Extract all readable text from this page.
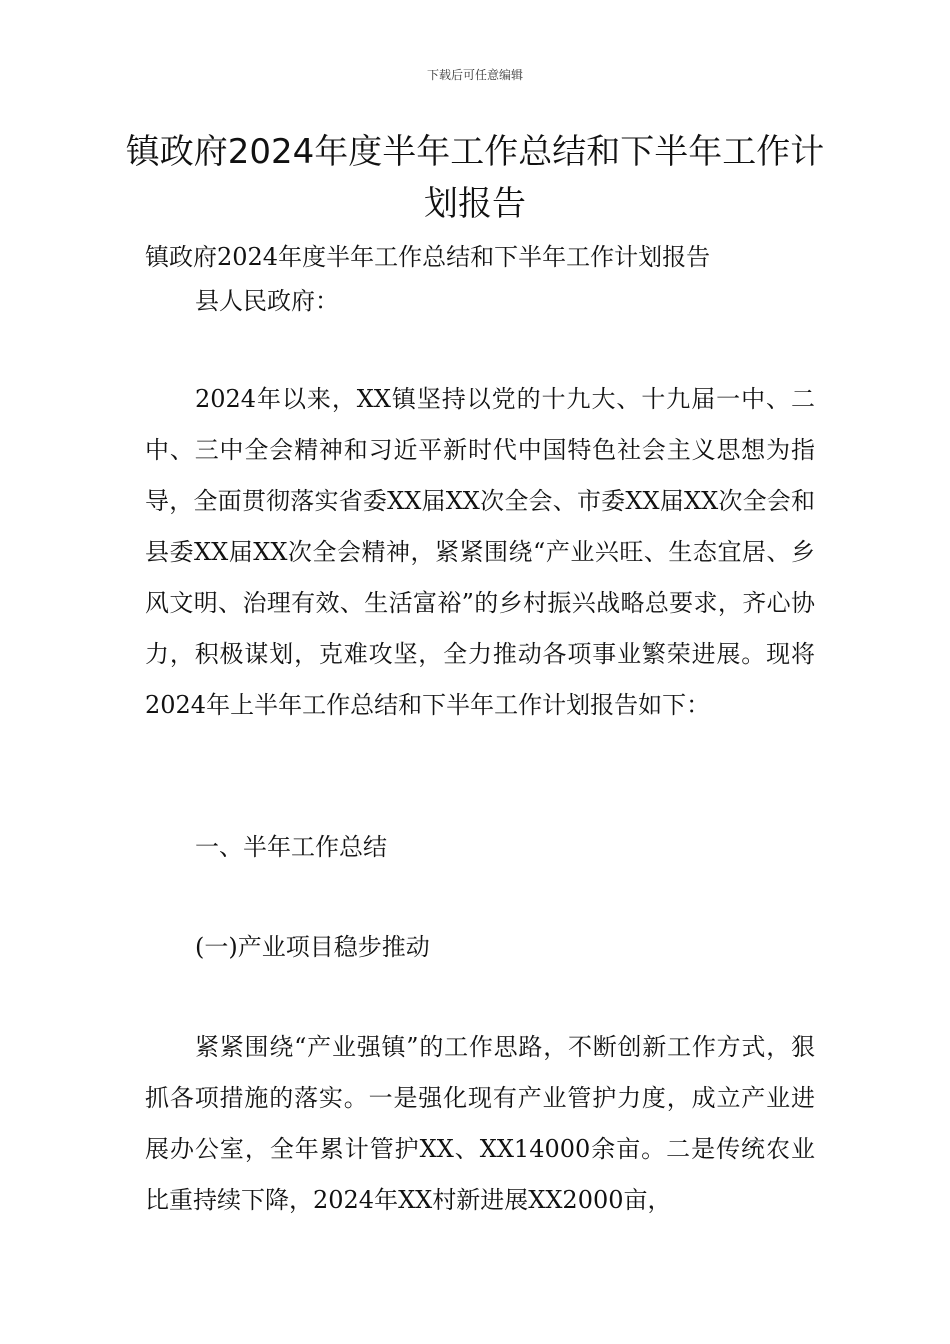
下载后可任意编辑
镇政府2024年度半年工作总结和下半年工作计划报告

镇政府2024年度半年工作总结和下半年工作计划报告

县人民政府：

2024年以来，XX镇坚持以党的十九大、十九届一中、二中、三中全会精神和习近平新时代中国特色社会主义思想为指导，全面贯彻落实省委XX届XX次全会、市委XX届XX次全会和县委XX届XX次全会精神，紧紧围绕“产业兴旺、生态宜居、乡风文明、治理有效、生活富裕”的乡村振兴战略总要求，齐心协力，积极谋划，克难攻坚，全力推动各项事业繁荣进展。现将2024年上半年工作总结和下半年工作计划报告如下：

一、半年工作总结

(一)产业项目稳步推动

紧紧围绕“产业强镇”的工作思路，不断创新工作方式，狠抓各项措施的落实。一是强化现有产业管护力度，成立产业进展办公室，全年累计管护XX、XX14000余亩。二是传统农业比重持续下降，2024年XX村新进展XX2000亩，
